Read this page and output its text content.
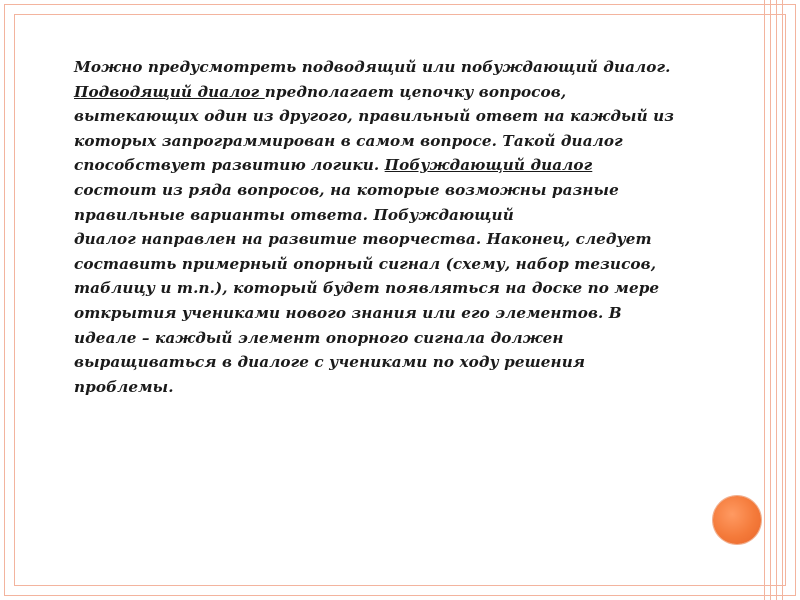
Можно предусмотреть подводящий или побуждающий диалог.
Подводящий диалог предполагает цепочку вопросов,
вытекающих один из другого, правильный ответ на каждый из
которых запрограммирован в самом вопросе. Такой диалог
способствует развитию логики. Побуждающий диалог
состоит из ряда вопросов, на которые возможны разные
правильные варианты ответа. Побуждающий
диалог направлен на развитие творчества. Наконец, следует
составить примерный опорный сигнал (схему, набор тезисов,
таблицу и т.п.), который будет появляться на доске по мере
открытия учениками нового знания или его элементов. В
идеале – каждый элемент опорного сигнала должен
выращиваться в диалоге с учениками по ходу решения
проблемы.
